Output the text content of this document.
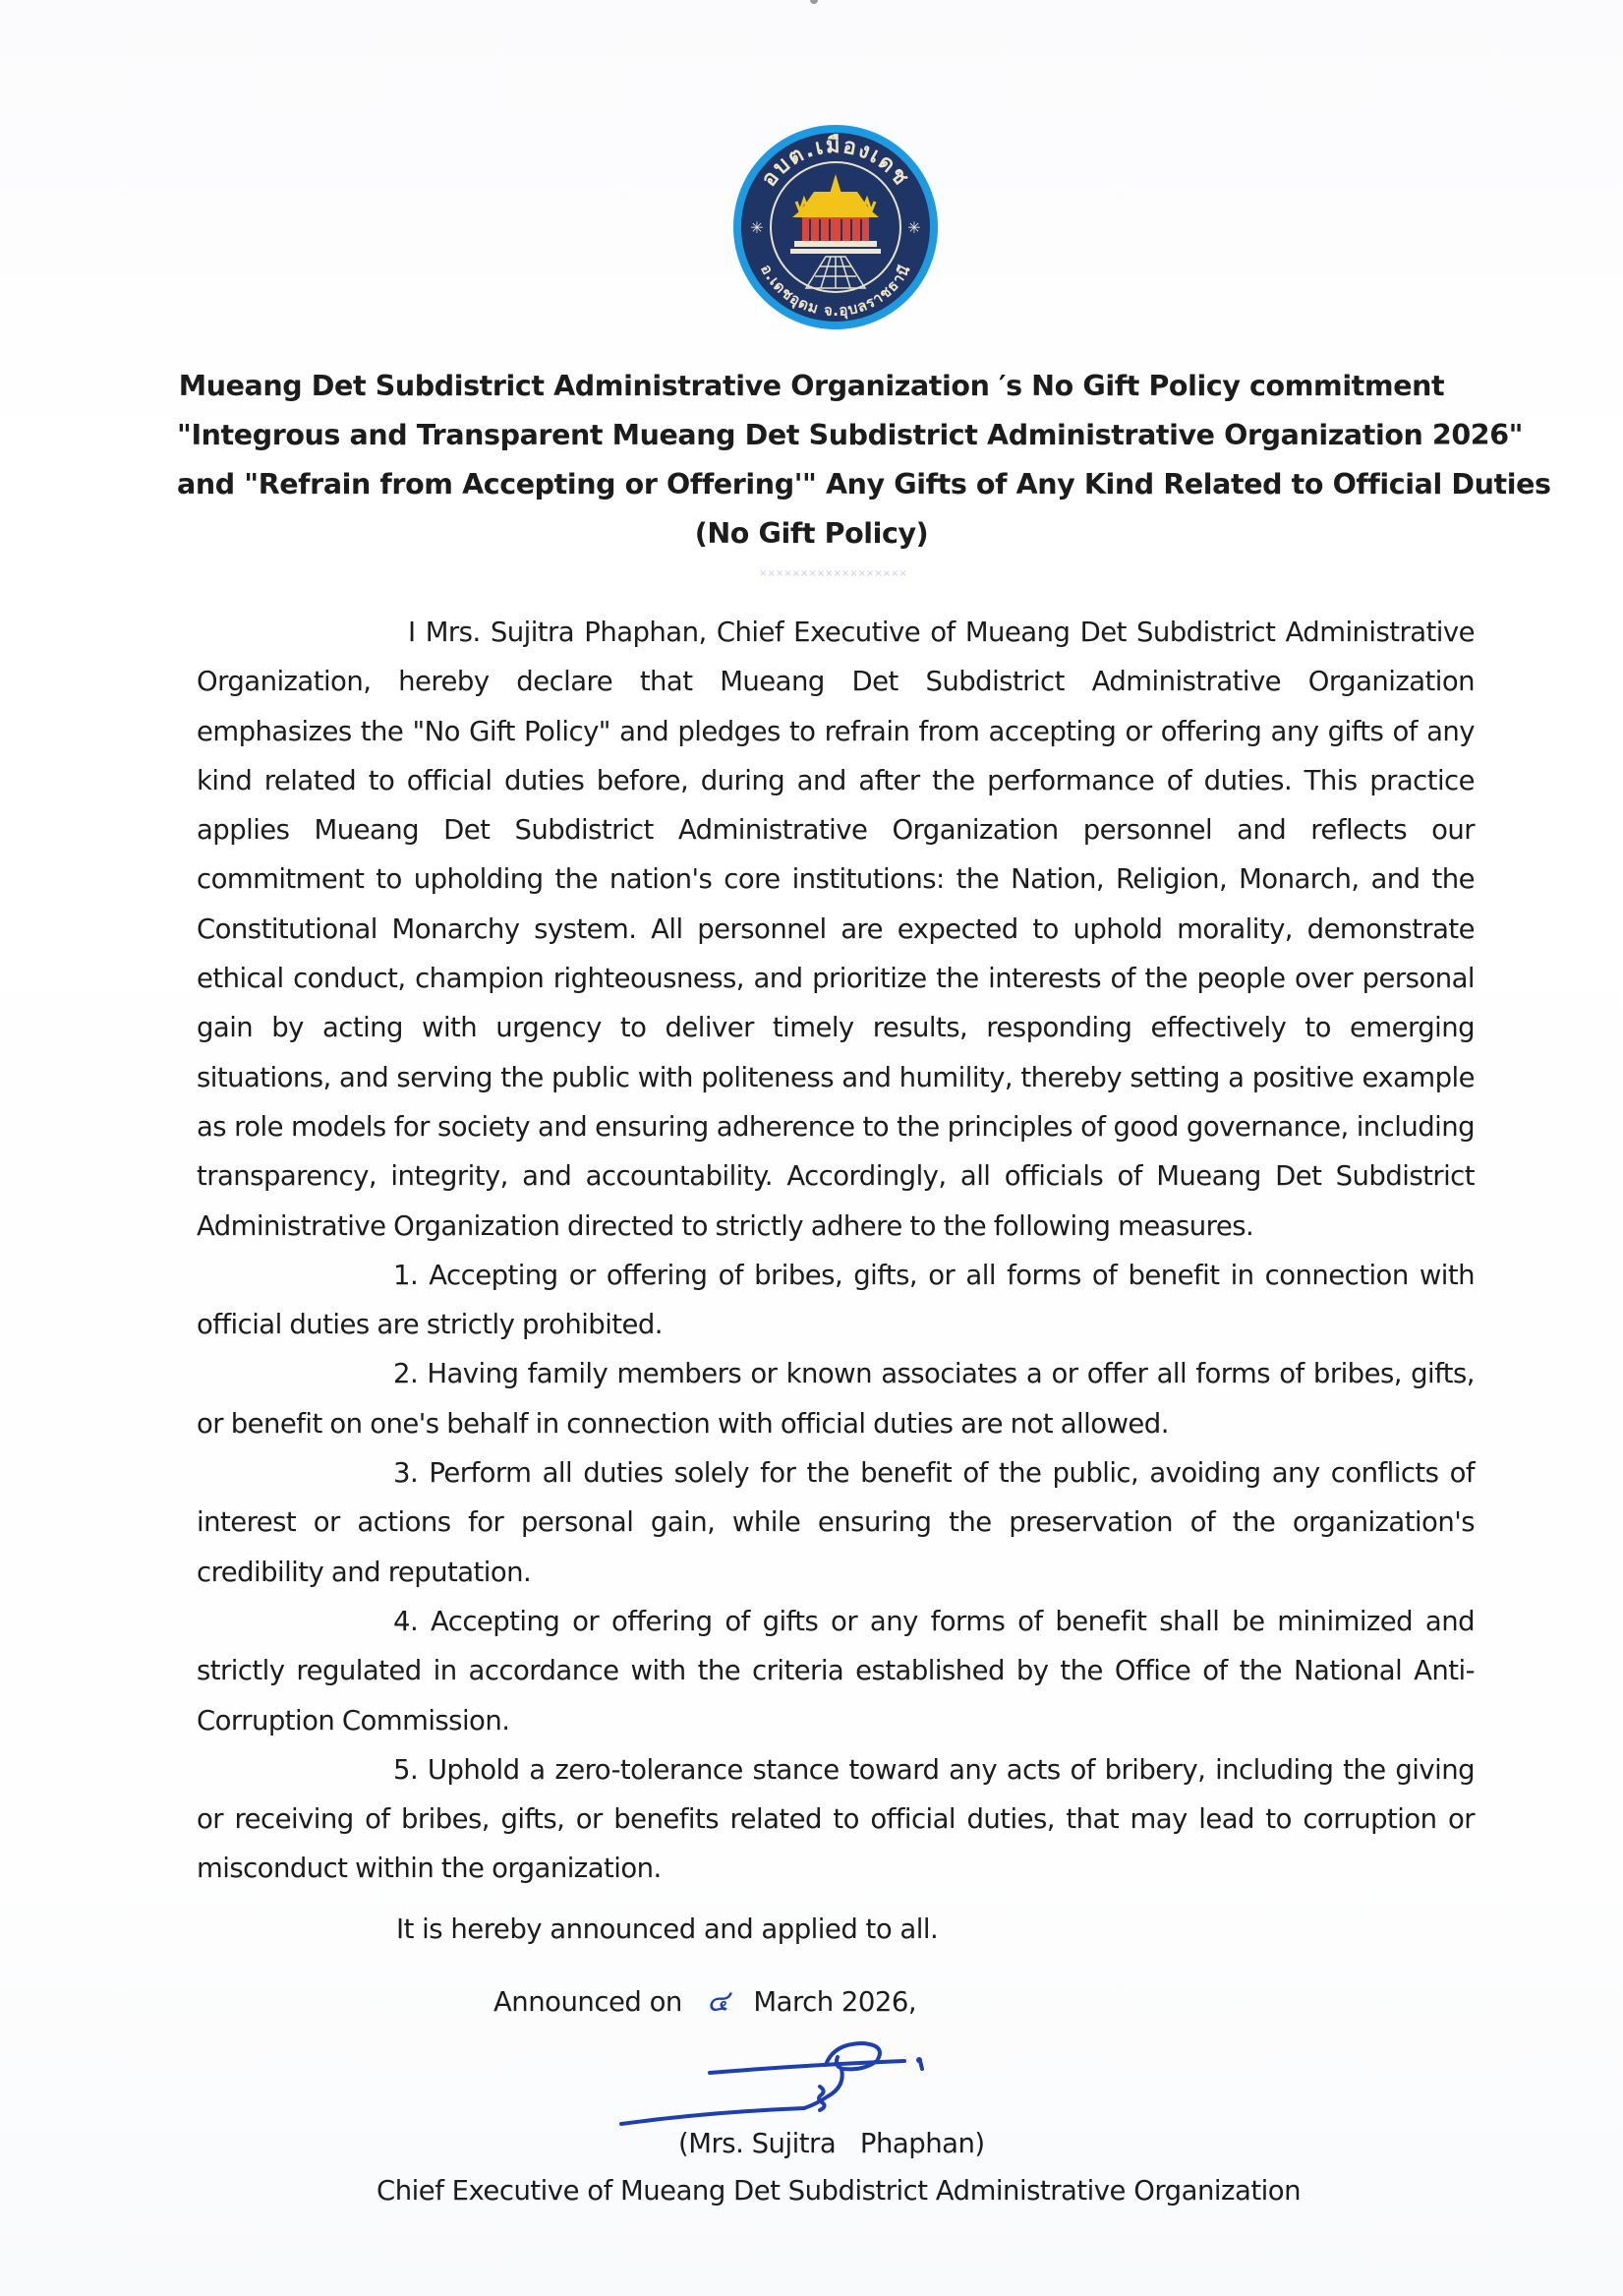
อบต.เมืองเดช
อ.เดชอุดม จ.อุบลราชธานี
✳	✳
Mueang Det Subdistrict Administrative Organization ′s No Gift Policy commitment
"Integrous and Transparent Mueang Det Subdistrict Administrative Organization 2026"
and "Refrain from Accepting or Offering'" Any Gifts of Any Kind Related to Official Duties
(No Gift Policy)
××××××××××××××××××

I Mrs. Sujitra Phaphan, Chief Executive of Mueang Det Subdistrict Administrative Organization, hereby declare that Mueang Det Subdistrict Administrative Organization emphasizes the "No Gift Policy" and pledges to refrain from accepting or offering any gifts of any kind related to official duties before, during and after the performance of duties. This practice applies Mueang Det Subdistrict Administrative Organization personnel and reflects our commitment to upholding the nation's core institutions: the Nation, Religion, Monarch, and the Constitutional Monarchy system. All personnel are expected to uphold morality, demonstrate ethical conduct, champion righteousness, and prioritize the interests of the people over personal gain by acting with urgency to deliver timely results, responding effectively to emerging situations, and serving the public with politeness and humility, thereby setting a positive example as role models for society and ensuring adherence to the principles of good governance, including transparency, integrity, and accountability. Accordingly, all officials of Mueang Det Subdistrict Administrative Organization directed to strictly adhere to the following measures.

1. Accepting or offering of bribes, gifts, or all forms of benefit in connection with official duties are strictly prohibited.

2. Having family members or known associates a or offer all forms of bribes, gifts, or benefit on one's behalf in connection with official duties are not allowed.

3. Perform all duties solely for the benefit of the public, avoiding any conflicts of interest or actions for personal gain, while ensuring the preservation of the organization's credibility and reputation.

4. Accepting or offering of gifts or any forms of benefit shall be minimized and strictly regulated in accordance with the criteria established by the Office of the National Anti-Corruption Commission.

5. Uphold a zero-tolerance stance toward any acts of bribery, including the giving or receiving of bribes, gifts, or benefits related to official duties, that may lead to corruption or misconduct within the organization.

It is hereby announced and applied to all.
Announced on ๔ March 2026,
(Mrs. Sujitra   Phaphan)
Chief Executive of Mueang Det Subdistrict Administrative Organization
